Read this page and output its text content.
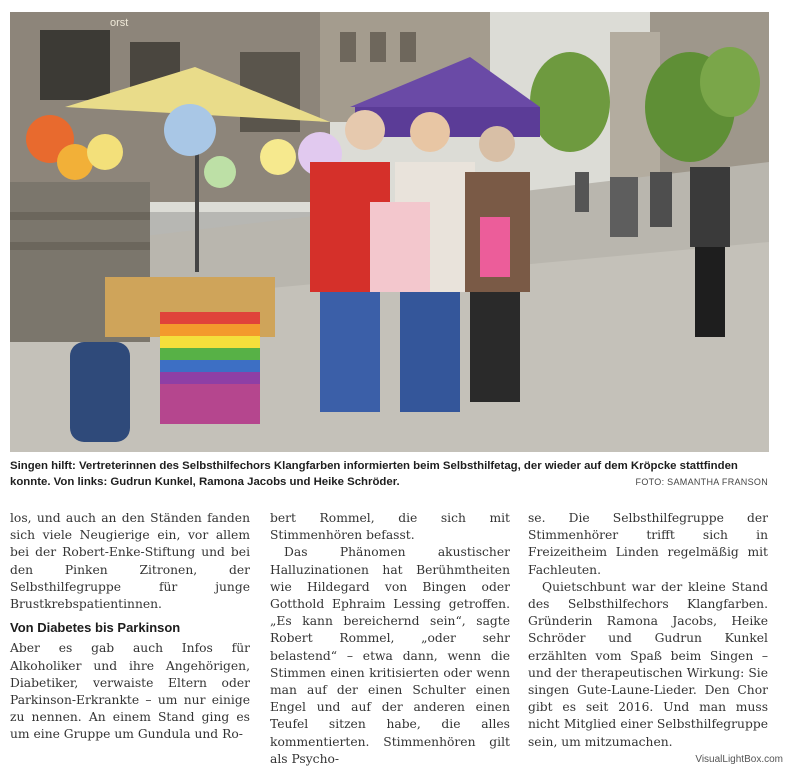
orst
Singen hilft: Vertreterinnen des Selbsthilfechors Klangfarben informierten beim Selbsthilfetag, der wieder auf dem Kröpcke stattfinden konnte. Von links: Gudrun Kunkel, Ramona Jacobs und Heike Schröder.	FOTO: SAMANTHA FRANSON

los, und auch an den Ständen fanden sich viele Neugierige ein, vor allem bei der Robert-Enke-Stiftung und bei den Pinken Zitronen, der Selbsthilfegruppe für junge Brustkrebspatientinnen.

Von Diabetes bis Parkinson

Aber es gab auch Infos für Alkoholiker und ihre Angehörigen, Diabetiker, verwaiste Eltern oder Parkinson-Erkrankte – um nur einige zu nennen. An einem Stand ging es um eine Gruppe um Gundula und Ro-

bert Rommel, die sich mit Stimmenhören befasst.

Das Phänomen akustischer Halluzinationen hat Berühmtheiten wie Hildegard von Bingen oder Gotthold Ephraim Lessing getroffen. „Es kann bereichernd sein“, sagte Robert Rommel, „oder sehr belastend“ – etwa dann, wenn die Stimmen einen kritisierten oder wenn man auf der einen Schulter einen Engel und auf der anderen einen Teufel sitzen habe, die alles kommentierten. Stimmenhören gilt als Psycho-

se. Die Selbsthilfegruppe der Stimmenhörer trifft sich in Freizeitheim Linden regelmäßig mit Fachleuten.

Quietschbunt war der kleine Stand des Selbsthilfechors Klangfarben. Gründerin Ramona Jacobs, Heike Schröder und Gudrun Kunkel erzählten vom Spaß beim Singen – und der therapeutischen Wirkung: Sie singen Gute-Laune-Lieder. Den Chor gibt es seit 2016. Und man muss nicht Mitglied einer Selbsthilfegruppe sein, um mitzumachen.

VisualLightBox.com
